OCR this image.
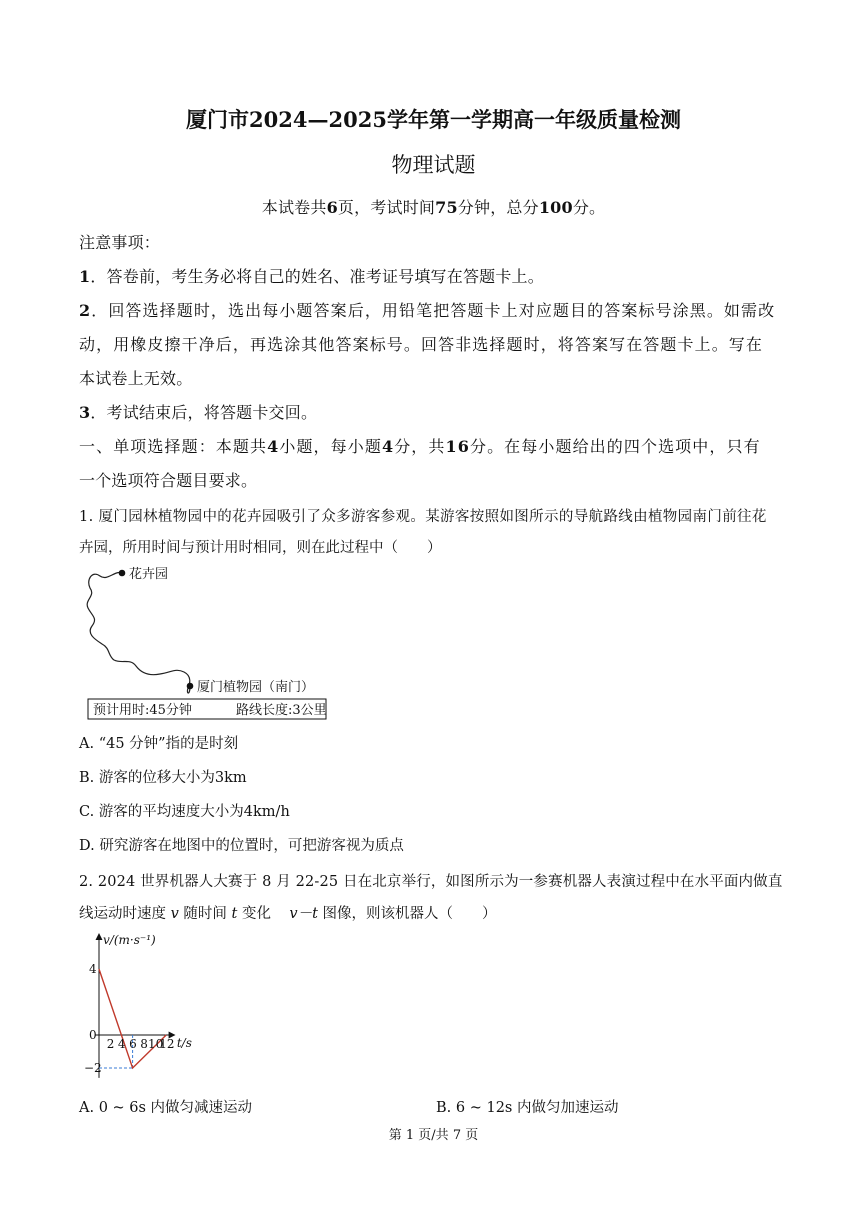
厦门市2024—2025学年第一学期高一年级质量检测
物理试题
本试卷共6页，考试时间75分钟，总分100分。
注意事项：
1．答卷前，考生务必将自己的姓名、准考证号填写在答题卡上。
2．回答选择题时，选出每小题答案后，用铅笔把答题卡上对应题目的答案标号涂黑。如需改
动，用橡皮擦干净后，再选涂其他答案标号。回答非选择题时，将答案写在答题卡上。写在
本试卷上无效。
3．考试结束后，将答题卡交回。
一、单项选择题：本题共4小题，每小题4分，共16分。在每小题给出的四个选项中，只有
一个选项符合题目要求。
1. 厦门园林植物园中的花卉园吸引了众多游客参观。某游客按照如图所示的导航路线由植物园南门前往花
卉园，所用时间与预计用时相同，则在此过程中（　　）
花卉园
厦门植物园（南门）
预计用时:45分钟	路线长度:3公里
A. “45 分钟”指的是时刻
B. 游客的位移大小为3km
C. 游客的平均速度大小为4km/h
D. 研究游客在地图中的位置时，可把游客视为质点
2. 2024 世界机器人大赛于 8 月 22-25 日在北京举行，如图所示为一参赛机器人表演过程中在水平面内做直
线运动时速度 v 随时间 t 变化 v－t 图像，则该机器人（　　）
v/(m·s⁻¹)
t/s
2 4 6 8 10
12
4
0
−2
A. 0 ~ 6s 内做匀减速运动	B. 6 ~ 12s 内做匀加速运动
第 1 页/共 7 页
